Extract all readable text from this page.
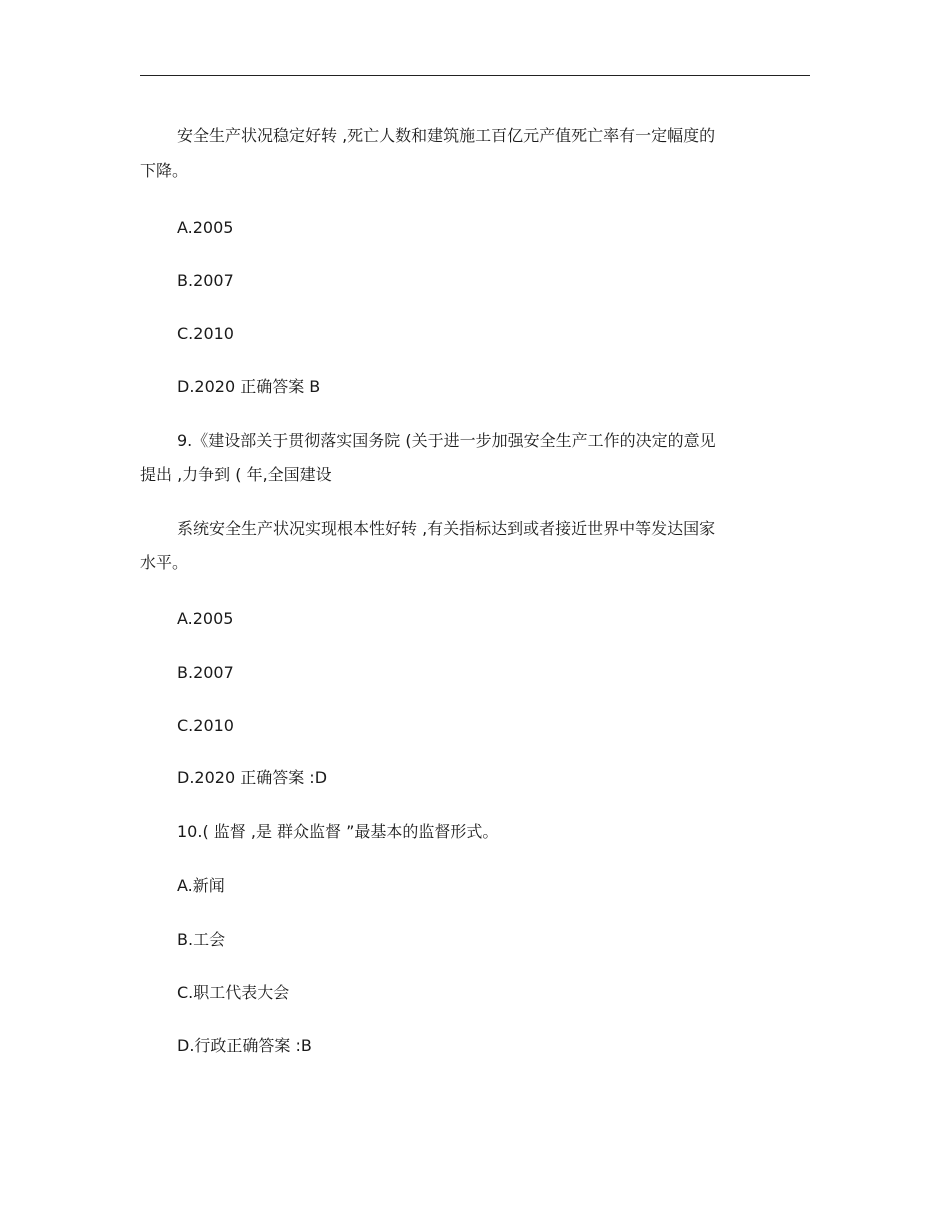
安全生产状况稳定好转 ,死亡人数和建筑施工百亿元产值死亡率有一定幅度的
下降。
A.2005
B.2007
C.2010
D.2020 正确答案 B
9.《建设部关于贯彻落实国务院 (关于进一步加强安全生产工作的决定的意见
提出 ,力争到 ( 年,全国建设
系统安全生产状况实现根本性好转 ,有关指标达到或者接近世界中等发达国家
水平。
A.2005
B.2007
C.2010
D.2020 正确答案 :D
10.( 监督 ,是 群众监督 ”最基本的监督形式。
A.新闻
B.工会
C.职工代表大会
D.行政正确答案 :B
